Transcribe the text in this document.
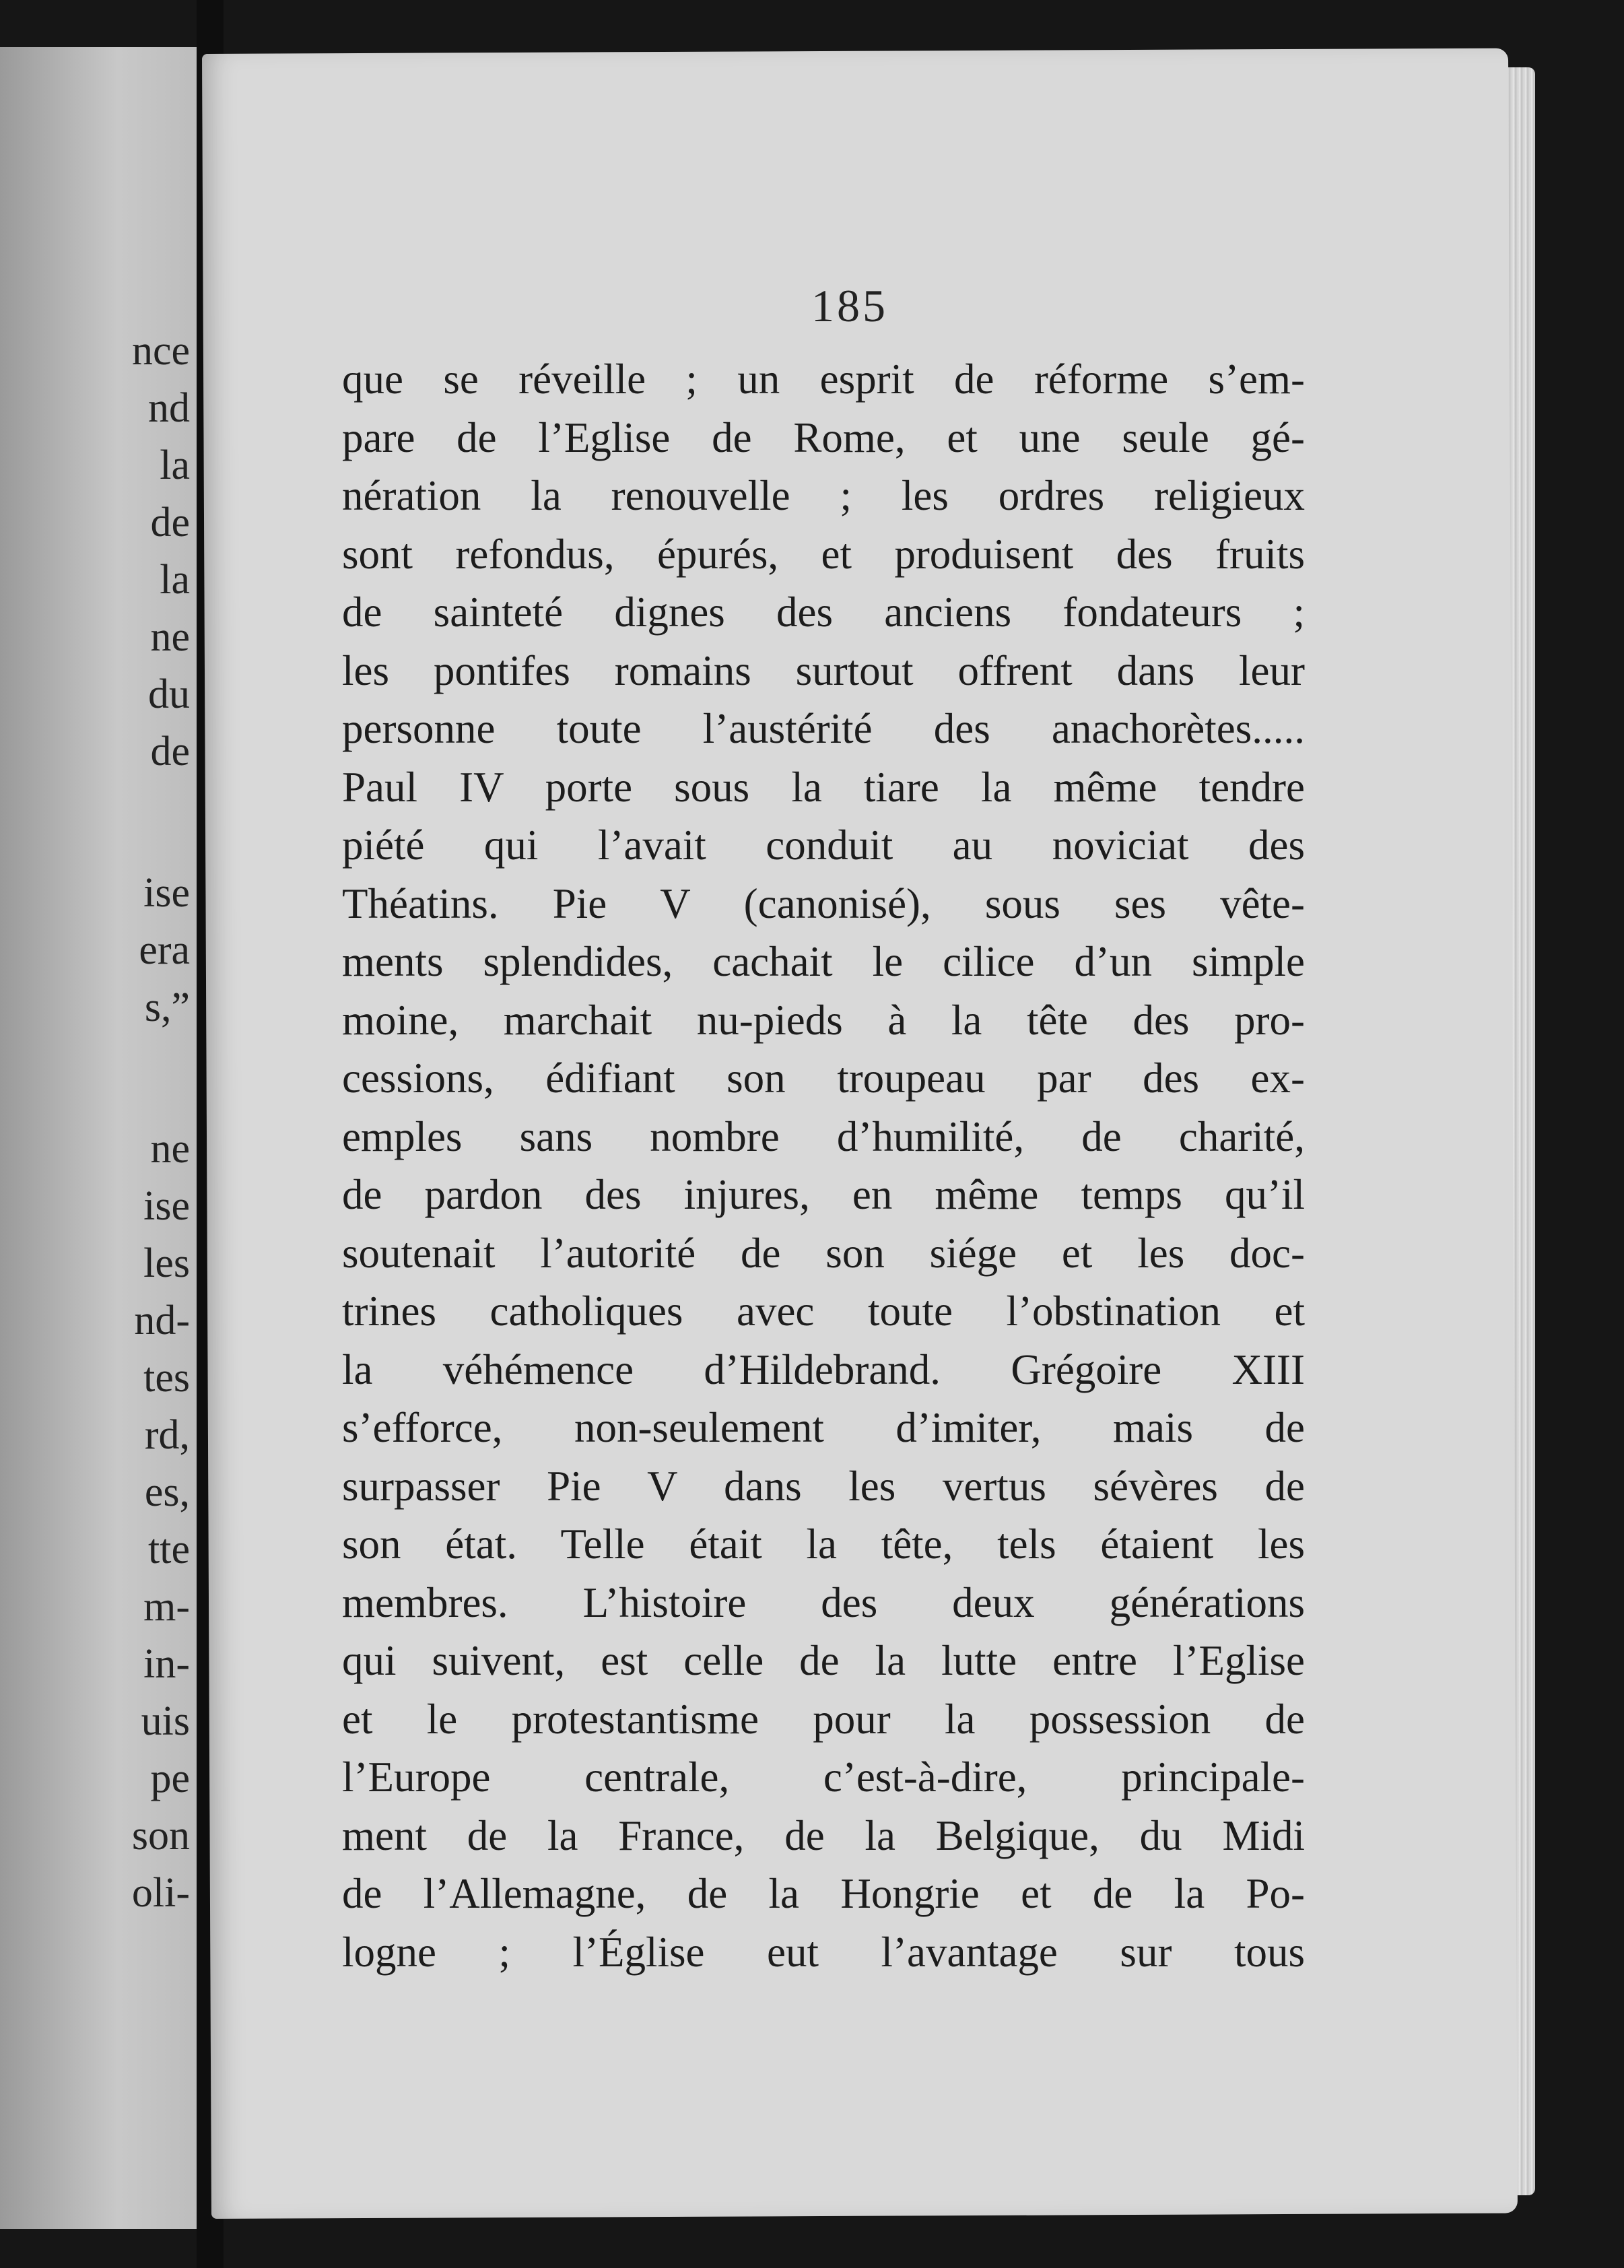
nce
nd
la
de
la
ne
du
de
ise
era
s,”
ne
ise
les
nd-
tes
rd,
es,
tte
m-
in-
uis
pe
son
oli-
185
que se réveille ; un esprit de réforme s’em-
pare de l’Eglise de Rome, et une seule gé-
nération la renouvelle ; les ordres religieux
sont refondus, épurés, et produisent des fruits
de sainteté dignes des anciens fondateurs ;
les pontifes romains surtout offrent dans leur
personne toute l’austérité des anachorètes.....
Paul IV porte sous la tiare la même tendre
piété qui l’avait conduit au noviciat des
Théatins. Pie V (canonisé), sous ses vête-
ments splendides, cachait le cilice d’un simple
moine, marchait nu-pieds à la tête des pro-
cessions, édifiant son troupeau par des ex-
emples sans nombre d’humilité, de charité,
de pardon des injures, en même temps qu’il
soutenait l’autorité de son siége et les doc-
trines catholiques avec toute l’obstination et
la véhémence d’Hildebrand. Grégoire XIII
s’efforce, non-seulement d’imiter, mais de
surpasser Pie V dans les vertus sévères de
son état. Telle était la tête, tels étaient les
membres. L’histoire des deux générations
qui suivent, est celle de la lutte entre l’Eglise
et le protestantisme pour la possession de
l’Europe centrale, c’est-à-dire, principale-
ment de la France, de la Belgique, du Midi
de l’Allemagne, de la Hongrie et de la Po-
logne ; l’Église eut l’avantage sur tous
